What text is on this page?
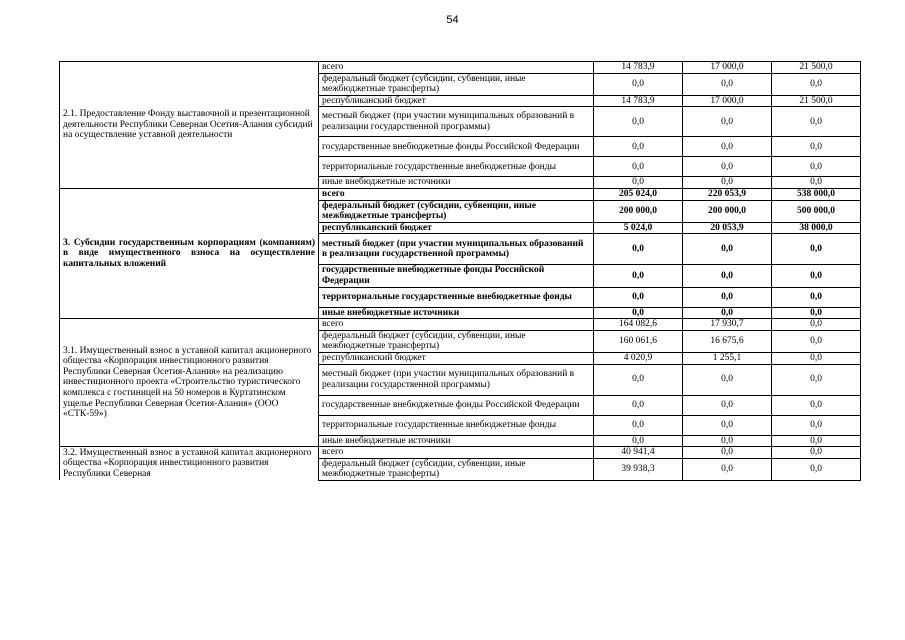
54
2.1. Предоставление Фонду выставочной и презентационной деятельности Республики Северная Осетия-Алания субсидий на осуществление уставной деятельности	всего	14 783,9	17 000,0	21 500,0
	федеральный бюджет (субсидии, субвенции, иные межбюджетные трансферты)	0,0	0,0	0,0
	республиканский бюджет	14 783,9	17 000,0	21 500,0
	местный бюджет (при участии муниципальных образований в реализации государственной программы)	0,0	0,0	0,0
	государственные внебюджетные фонды Российской Федерации	0,0	0,0	0,0
	территориальные государственные внебюджетные фонды	0,0	0,0	0,0
	иные внебюджетные источники	0,0	0,0	0,0
3. Субсидии государственным корпорациям (компаниям) в виде имущественного взноса на осуществление капитальных вложений	всего	205 024,0	220 053,9	538 000,0
	федеральный бюджет (субсидии, субвенции, иные межбюджетные трансферты)	200 000,0	200 000,0	500 000,0
	республиканский бюджет	5 024,0	20 053,9	38 000,0
	местный бюджет (при участии муниципальных образований в реализации государственной программы)	0,0	0,0	0,0
	государственные внебюджетные фонды Российской Федерации	0,0	0,0	0,0
	территориальные государственные внебюджетные фонды	0,0	0,0	0,0
	иные внебюджетные источники	0,0	0,0	0,0
3.1. Имущественный взнос в уставной капитал акционерного общества «Корпорация инвестиционного развития Республики Северная Осетия-Алания» на реализацию инвестиционного проекта «Строительство туристического комплекса с гостиницей на 50 номеров в Куртатинском ущелье Республики Северная Осетия-Алания» (ООО «СТК-59»)	всего	164 082,6	17 930,7	0,0
	федеральный бюджет (субсидии, субвенции, иные межбюджетные трансферты)	160 061,6	16 675,6	0,0
	республиканский бюджет	4 020,9	1 255,1	0,0
	местный бюджет (при участии муниципальных образований в реализации государственной программы)	0,0	0,0	0,0
	государственные внебюджетные фонды Российской Федерации	0,0	0,0	0,0
	территориальные государственные внебюджетные фонды	0,0	0,0	0,0
	иные внебюджетные источники	0,0	0,0	0,0
3.2. Имущественный взнос в уставной капитал акционерного общества «Корпорация инвестиционного развития Республики Северная	всего	40 941,4	0,0	0,0
	федеральный бюджет (субсидии, субвенции, иные межбюджетные трансферты)	39 938,3	0,0	0,0
